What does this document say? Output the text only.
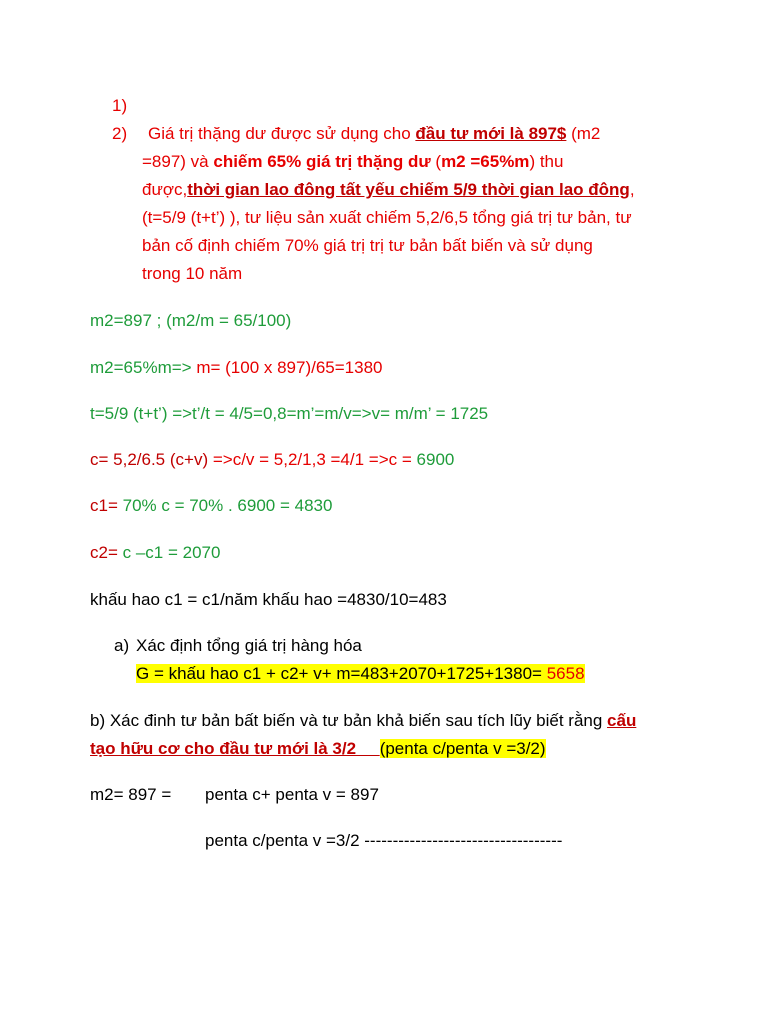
1)
2) Giá trị thặng dư được sử dụng cho đầu tư mới là 897$ (m2
=897) và chiếm 65% giá trị thặng dư (m2 =65%m) thu
được,thời gian lao đông tất yếu chiếm 5/9 thời gian lao đông,
(t=5/9 (t+t’) ), tư liệu sản xuất chiếm 5,2/6,5 tổng giá trị tư bản, tư
bản cố định chiếm 70% giá trị trị tư bản bất biến và sử dụng
trong 10 năm
m2=897 ; (m2/m = 65/100)
m2=65%m=> m= (100 x 897)/65=1380
t=5/9 (t+t’) =>t’/t = 4/5=0,8=m’=m/v=>v= m/m’ = 1725
c= 5,2/6.5 (c+v) =>c/v = 5,2/1,3 =4/1 =>c = 6900
c1= 70% c = 70% . 6900 = 4830
c2= c –c1 = 2070
khấu hao c1 = c1/năm khấu hao =4830/10=483
a) Xác định tổng giá trị hàng hóa
G = khấu hao c1 + c2+ v+ m=483+2070+1725+1380= 5658
b) Xác đinh tư bản bất biến và tư bản khả biến sau tích lũy biết rằng cấu
tạo hữu cơ cho đầu tư mới là 3/2     (penta c/penta v =3/2)
m2= 897 = penta c+ penta v = 897
penta c/penta v =3/2 -----------------------------------
